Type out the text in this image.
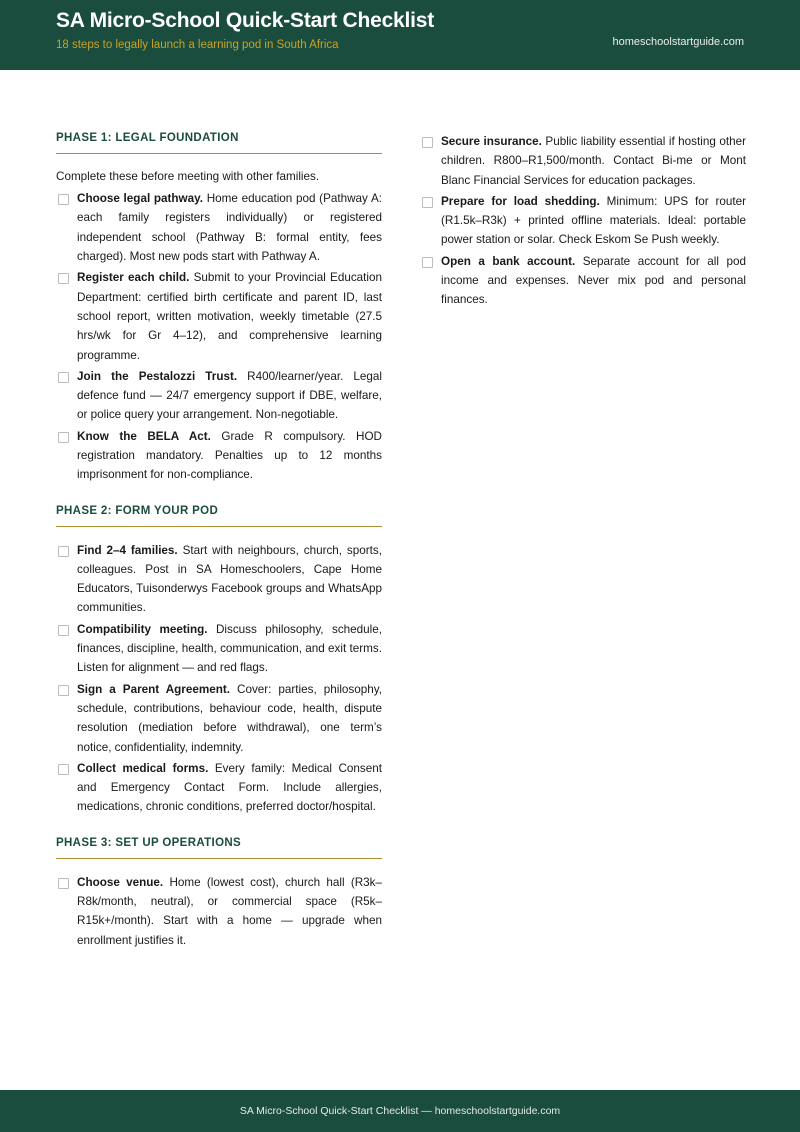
SA Micro-School Quick-Start Checklist
18 steps to legally launch a learning pod in South Africa	homeschoolstartguide.com
PHASE 1: LEGAL FOUNDATION
Complete these before meeting with other families.
Choose legal pathway. Home education pod (Pathway A: each family registers individually) or registered independent school (Pathway B: formal entity, fees charged). Most new pods start with Pathway A.
Register each child. Submit to your Provincial Education Department: certified birth certificate and parent ID, last school report, written motivation, weekly timetable (27.5 hrs/wk for Gr 4–12), and comprehensive learning programme.
Join the Pestalozzi Trust. R400/learner/year. Legal defence fund — 24/7 emergency support if DBE, welfare, or police query your arrangement. Non-negotiable.
Know the BELA Act. Grade R compulsory. HOD registration mandatory. Penalties up to 12 months imprisonment for non-compliance.
PHASE 2: FORM YOUR POD
Find 2–4 families. Start with neighbours, church, sports, colleagues. Post in SA Homeschoolers, Cape Home Educators, Tuisonderwys Facebook groups and WhatsApp communities.
Compatibility meeting. Discuss philosophy, schedule, finances, discipline, health, communication, and exit terms. Listen for alignment — and red flags.
Sign a Parent Agreement. Cover: parties, philosophy, schedule, contributions, behaviour code, health, dispute resolution (mediation before withdrawal), one term’s notice, confidentiality, indemnity.
Collect medical forms. Every family: Medical Consent and Emergency Contact Form. Include allergies, medications, chronic conditions, preferred doctor/hospital.
PHASE 3: SET UP OPERATIONS
Choose venue. Home (lowest cost), church hall (R3k–R8k/month, neutral), or commercial space (R5k–R15k+/month). Start with a home — upgrade when enrollment justifies it.
Secure insurance. Public liability essential if hosting other children. R800–R1,500/month. Contact Bi-me or Mont Blanc Financial Services for education packages.
Prepare for load shedding. Minimum: UPS for router (R1.5k–R3k) + printed offline materials. Ideal: portable power station or solar. Check Eskom Se Push weekly.
Open a bank account. Separate account for all pod income and expenses. Never mix pod and personal finances.
SA Micro-School Quick-Start Checklist — homeschoolstartguide.com
